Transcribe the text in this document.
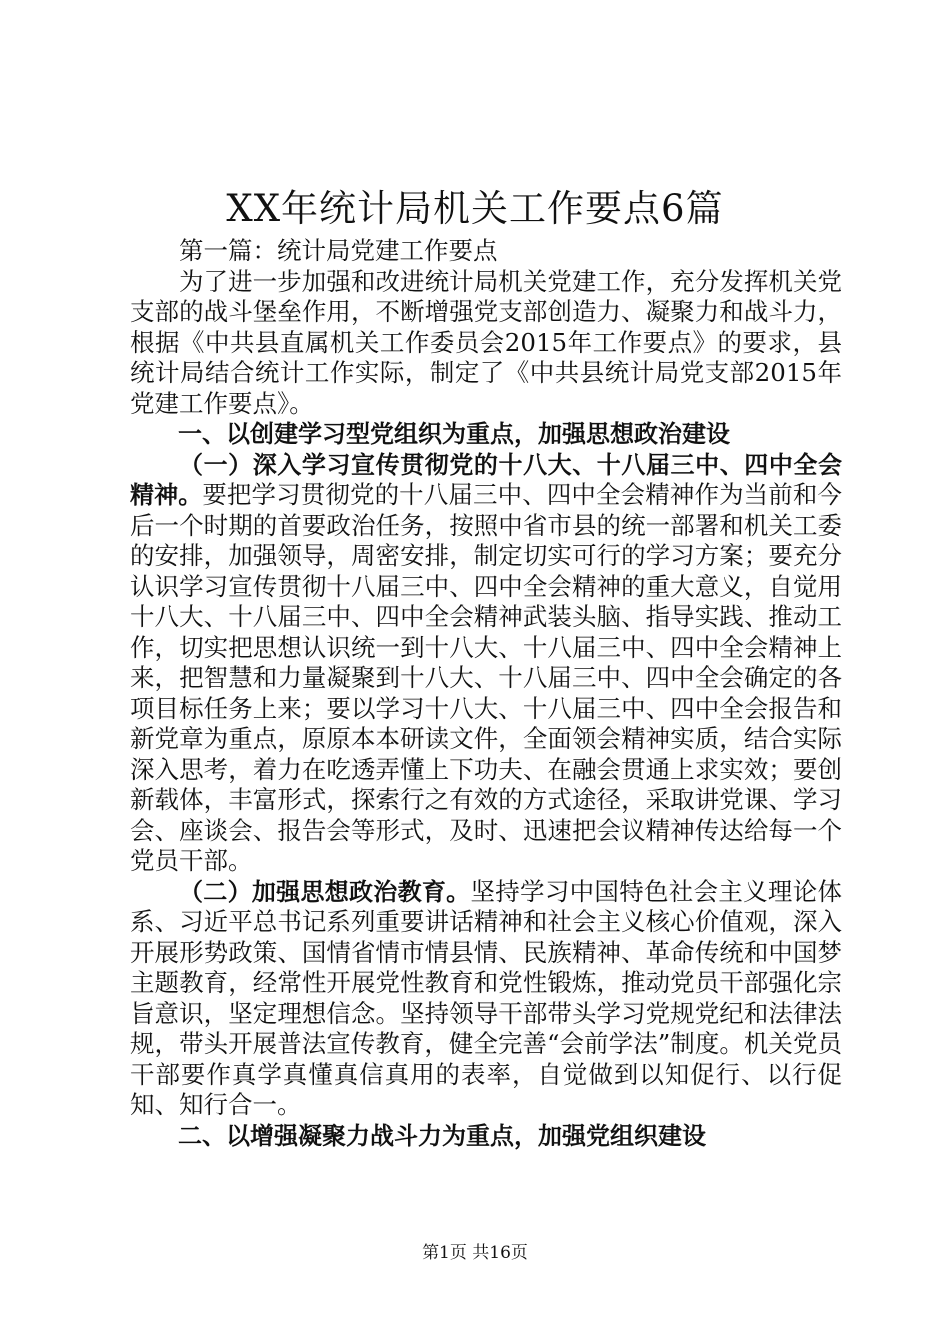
XX年统计局机关工作要点6篇

第一篇：统计局党建工作要点

为了进一步加强和改进统计局机关党建工作，充分发挥机关党支部的战斗堡垒作用，不断增强党支部创造力、凝聚力和战斗力，根据《中共县直属机关工作委员会2015年工作要点》的要求，县统计局结合统计工作实际，制定了《中共县统计局党支部2015年党建工作要点》。

一、以创建学习型党组织为重点，加强思想政治建设

（一）深入学习宣传贯彻党的十八大、十八届三中、四中全会精神。要把学习贯彻党的十八届三中、四中全会精神作为当前和今后一个时期的首要政治任务，按照中省市县的统一部署和机关工委的安排，加强领导，周密安排，制定切实可行的学习方案；要充分认识学习宣传贯彻十八届三中、四中全会精神的重大意义，自觉用十八大、十八届三中、四中全会精神武装头脑、指导实践、推动工作，切实把思想认识统一到十八大、十八届三中、四中全会精神上来，把智慧和力量凝聚到十八大、十八届三中、四中全会确定的各项目标任务上来；要以学习十八大、十八届三中、四中全会报告和新党章为重点，原原本本研读文件，全面领会精神实质，结合实际深入思考，着力在吃透弄懂上下功夫、在融会贯通上求实效；要创新载体，丰富形式，探索行之有效的方式途径，采取讲党课、学习会、座谈会、报告会等形式，及时、迅速把会议精神传达给每一个党员干部。

（二）加强思想政治教育。坚持学习中国特色社会主义理论体系、习近平总书记系列重要讲话精神和社会主义核心价值观，深入开展形势政策、国情省情市情县情、民族精神、革命传统和中国梦主题教育，经常性开展党性教育和党性锻炼，推动党员干部强化宗旨意识，坚定理想信念。坚持领导干部带头学习党规党纪和法律法规，带头开展普法宣传教育，健全完善“会前学法”制度。机关党员干部要作真学真懂真信真用的表率，自觉做到以知促行、以行促知、知行合一。

二、以增强凝聚力战斗力为重点，加强党组织建设

第1页 共16页
